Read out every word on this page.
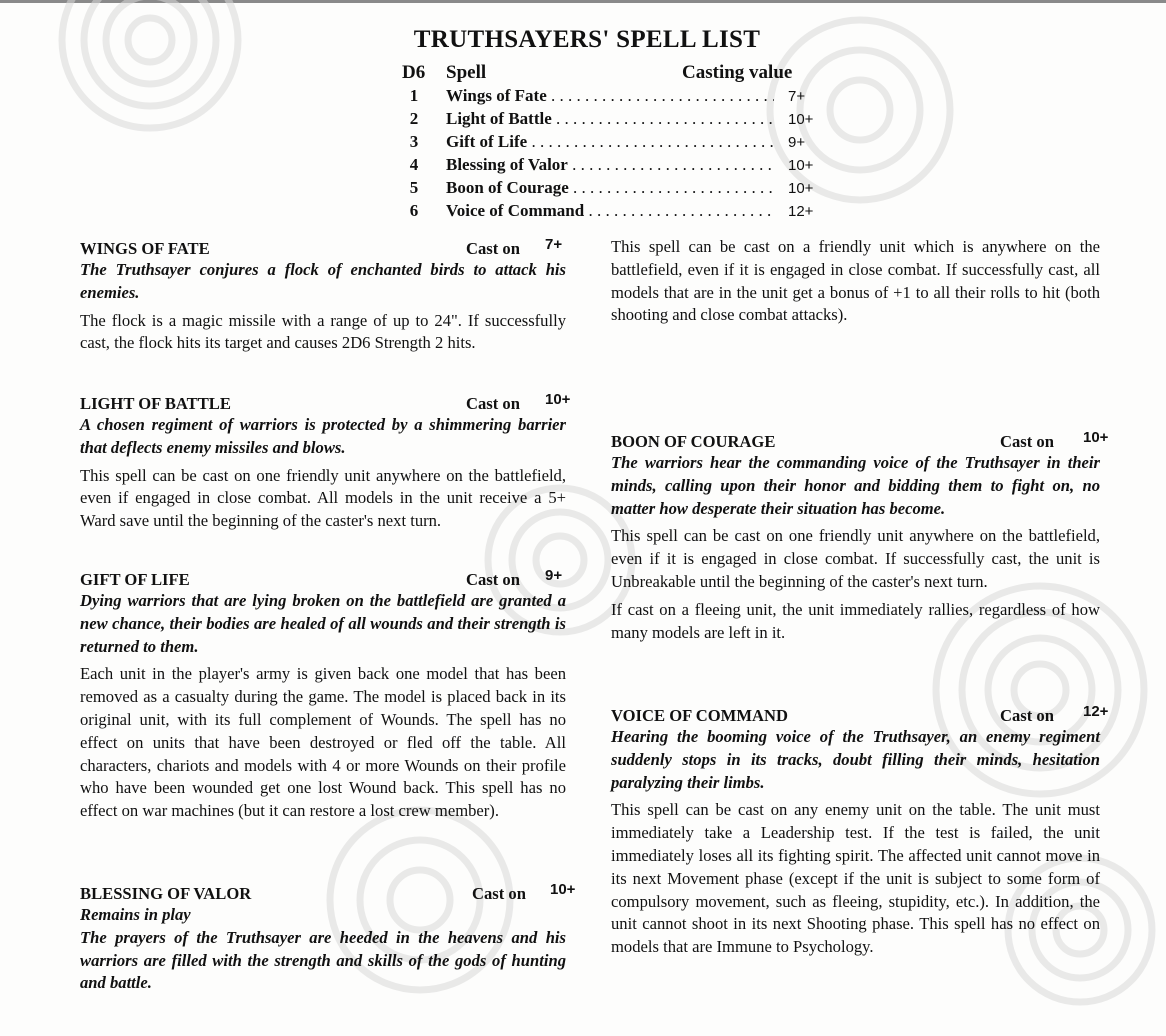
TRUTHSAYERS' SPELL LIST
D6 Spell	Casting value
1 Wings of Fate . . .	7+
2 Light of Battle . . .	10+
3 Gift of Life . . .	9+
4 Blessing of Valor . . .	10+
5 Boon of Courage . . .	10+
6 Voice of Command . . .	12+
WINGS OF FATE	Cast on 7+

The Truthsayer conjures a flock of enchanted birds to attack his enemies.

The flock is a magic missile with a range of up to 24". If successfully cast, the flock hits its target and causes 2D6 Strength 2 hits.

LIGHT OF BATTLE	Cast on 10+

A chosen regiment of warriors is protected by a shimmering barrier that deflects enemy missiles and blows.

This spell can be cast on one friendly unit anywhere on the battlefield, even if engaged in close combat. All models in the unit receive a 5+ Ward save until the beginning of the caster's next turn.

GIFT OF LIFE	Cast on 9+

Dying warriors that are lying broken on the battlefield are granted a new chance, their bodies are healed of all wounds and their strength is returned to them.

Each unit in the player's army is given back one model that has been removed as a casualty during the game. The model is placed back in its original unit, with its full complement of Wounds. The spell has no effect on units that have been destroyed or fled off the table. All characters, chariots and models with 4 or more Wounds on their profile who have been wounded get one lost Wound back. This spell has no effect on war machines (but it can restore a lost crew member).

BLESSING OF VALOR	Cast on 10+

Remains in play

The prayers of the Truthsayer are heeded in the heavens and his warriors are filled with the strength and skills of the gods of hunting and battle.

This spell can be cast on a friendly unit which is anywhere on the battlefield, even if it is engaged in close combat. If successfully cast, all models that are in the unit get a bonus of +1 to all their rolls to hit (both shooting and close combat attacks).

BOON OF COURAGE	Cast on 10+

The warriors hear the commanding voice of the Truthsayer in their minds, calling upon their honor and bidding them to fight on, no matter how desperate their situation has become.

This spell can be cast on one friendly unit anywhere on the battlefield, even if it is engaged in close combat. If successfully cast, the unit is Unbreakable until the beginning of the caster's next turn.

If cast on a fleeing unit, the unit immediately rallies, regardless of how many models are left in it.

VOICE OF COMMAND	Cast on 12+

Hearing the booming voice of the Truthsayer, an enemy regiment suddenly stops in its tracks, doubt filling their minds, hesitation paralyzing their limbs.

This spell can be cast on any enemy unit on the table. The unit must immediately take a Leadership test. If the test is failed, the unit immediately loses all its fighting spirit. The affected unit cannot move in its next Movement phase (except if the unit is subject to some form of compulsory movement, such as fleeing, stupidity, etc.). In addition, the unit cannot shoot in its next Shooting phase. This spell has no effect on models that are Immune to Psychology.
